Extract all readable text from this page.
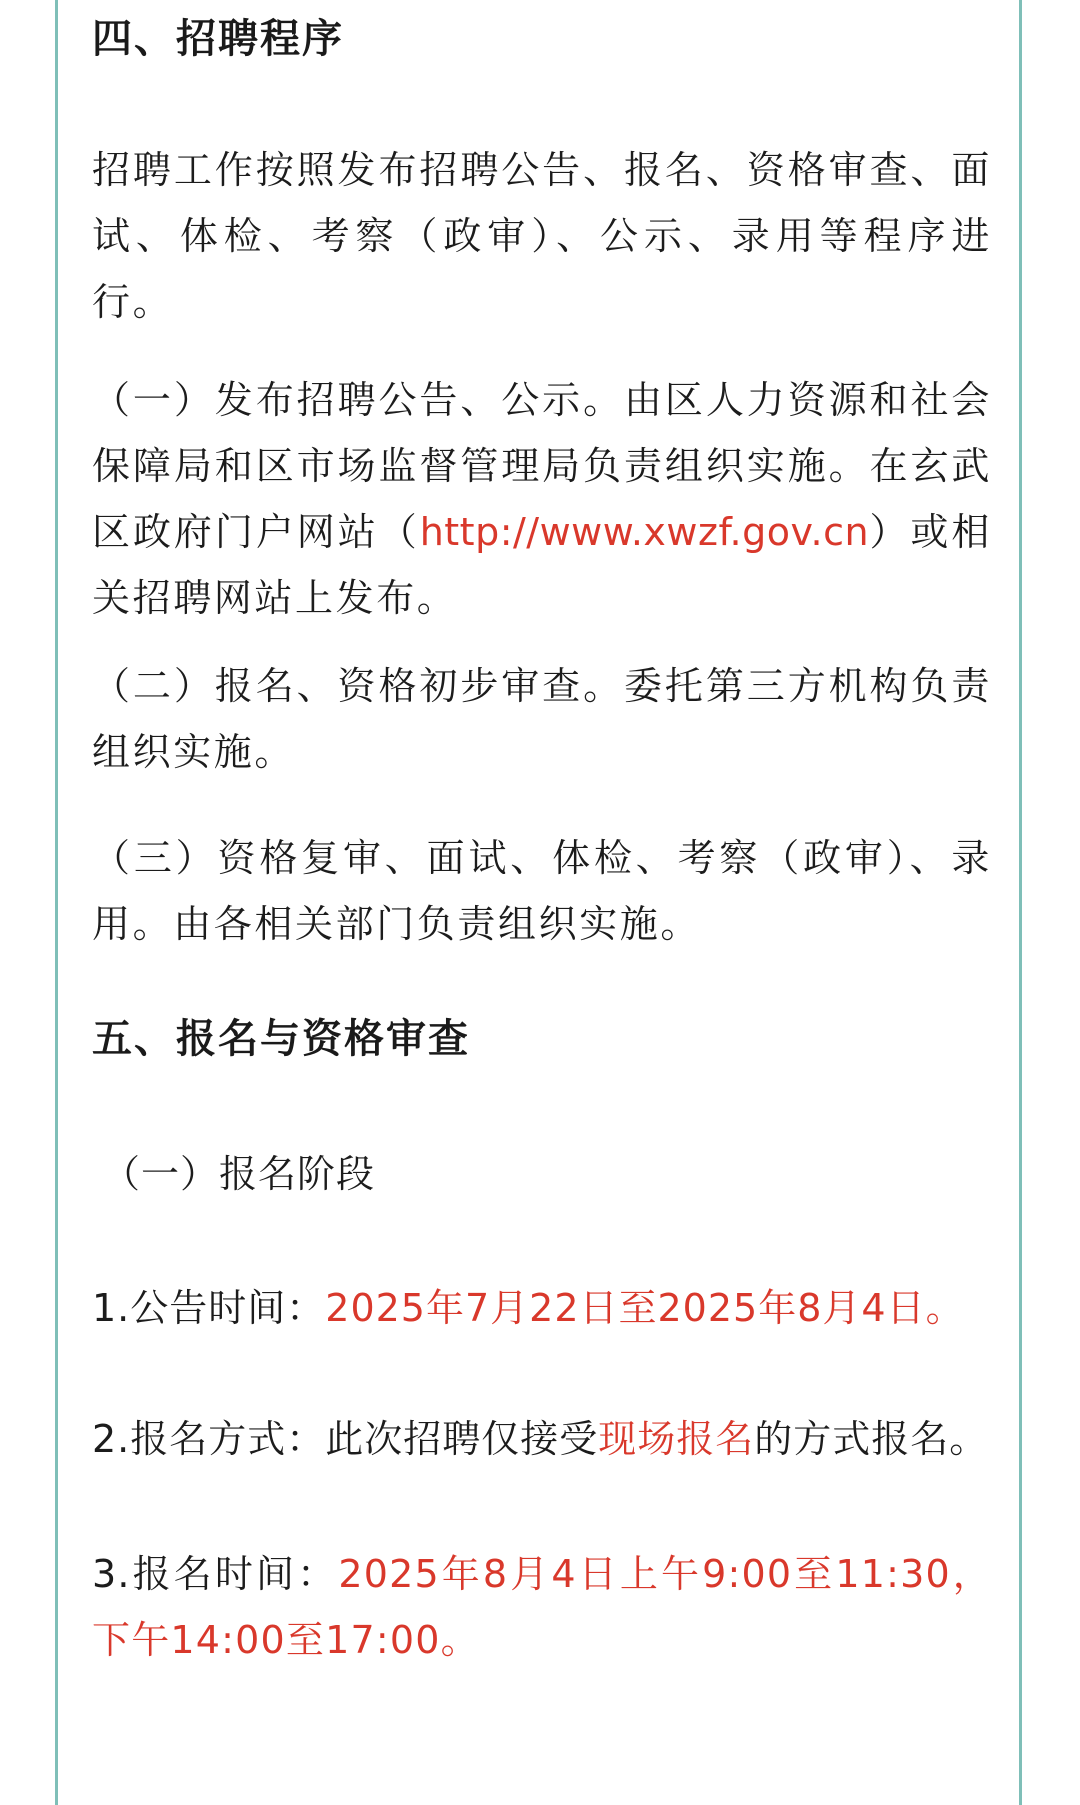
四、招聘程序
招聘工作按照发布招聘公告、报名、资格审查、面试、体检、考察（政审）、公示、录用等程序进行。
（一）发布招聘公告、公示。由区人力资源和社会保障局和区市场监督管理局负责组织实施。在玄武区政府门户网站（http://www.xwzf.gov.cn）或相关招聘网站上发布。
（二）报名、资格初步审查。委托第三方机构负责组织实施。
（三）资格复审、面试、体检、考察（政审）、录用。由各相关部门负责组织实施。
五、报名与资格审查
（一）报名阶段
1.公告时间：2025年7月22日至2025年8月4日。
2.报名方式：此次招聘仅接受现场报名的方式报名。
3.报名时间：2025年8月4日上午9:00至11:30，下午14:00至17:00。
